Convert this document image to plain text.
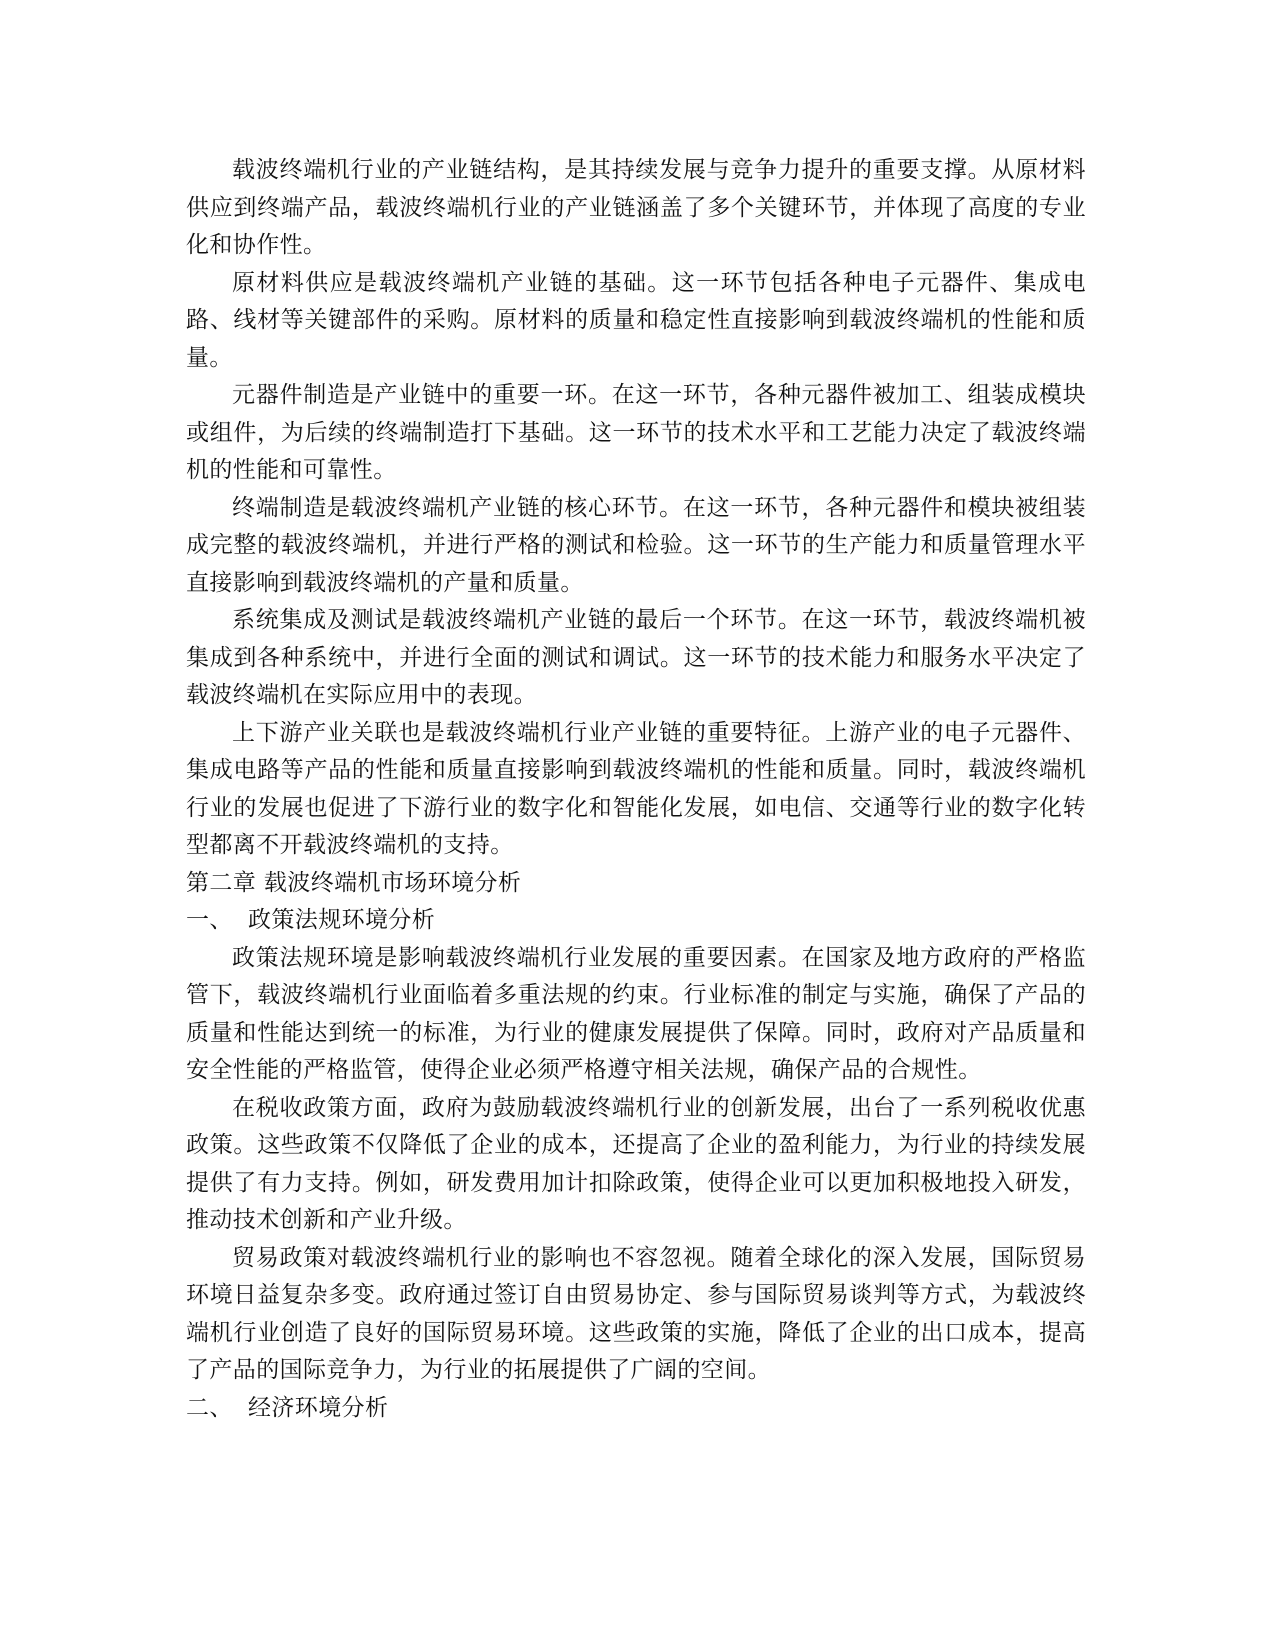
载波终端机行业的产业链结构，是其持续发展与竞争力提升的重要支撑。从原材料供应到终端产品，载波终端机行业的产业链涵盖了多个关键环节，并体现了高度的专业化和协作性。

原材料供应是载波终端机产业链的基础。这一环节包括各种电子元器件、集成电路、线材等关键部件的采购。原材料的质量和稳定性直接影响到载波终端机的性能和质量。

元器件制造是产业链中的重要一环。在这一环节，各种元器件被加工、组装成模块或组件，为后续的终端制造打下基础。这一环节的技术水平和工艺能力决定了载波终端机的性能和可靠性。

终端制造是载波终端机产业链的核心环节。在这一环节，各种元器件和模块被组装成完整的载波终端机，并进行严格的测试和检验。这一环节的生产能力和质量管理水平直接影响到载波终端机的产量和质量。

系统集成及测试是载波终端机产业链的最后一个环节。在这一环节，载波终端机被集成到各种系统中，并进行全面的测试和调试。这一环节的技术能力和服务水平决定了载波终端机在实际应用中的表现。

上下游产业关联也是载波终端机行业产业链的重要特征。上游产业的电子元器件、集成电路等产品的性能和质量直接影响到载波终端机的性能和质量。同时，载波终端机行业的发展也促进了下游行业的数字化和智能化发展，如电信、交通等行业的数字化转型都离不开载波终端机的支持。

第二章 载波终端机市场环境分析
一、 政策法规环境分析

政策法规环境是影响载波终端机行业发展的重要因素。在国家及地方政府的严格监管下，载波终端机行业面临着多重法规的约束。行业标准的制定与实施，确保了产品的质量和性能达到统一的标准，为行业的健康发展提供了保障。同时，政府对产品质量和安全性能的严格监管，使得企业必须严格遵守相关法规，确保产品的合规性。

在税收政策方面，政府为鼓励载波终端机行业的创新发展，出台了一系列税收优惠政策。这些政策不仅降低了企业的成本，还提高了企业的盈利能力，为行业的持续发展提供了有力支持。例如，研发费用加计扣除政策，使得企业可以更加积极地投入研发，推动技术创新和产业升级。

贸易政策对载波终端机行业的影响也不容忽视。随着全球化的深入发展，国际贸易环境日益复杂多变。政府通过签订自由贸易协定、参与国际贸易谈判等方式，为载波终端机行业创造了良好的国际贸易环境。这些政策的实施，降低了企业的出口成本，提高了产品的国际竞争力，为行业的拓展提供了广阔的空间。

二、 经济环境分析
